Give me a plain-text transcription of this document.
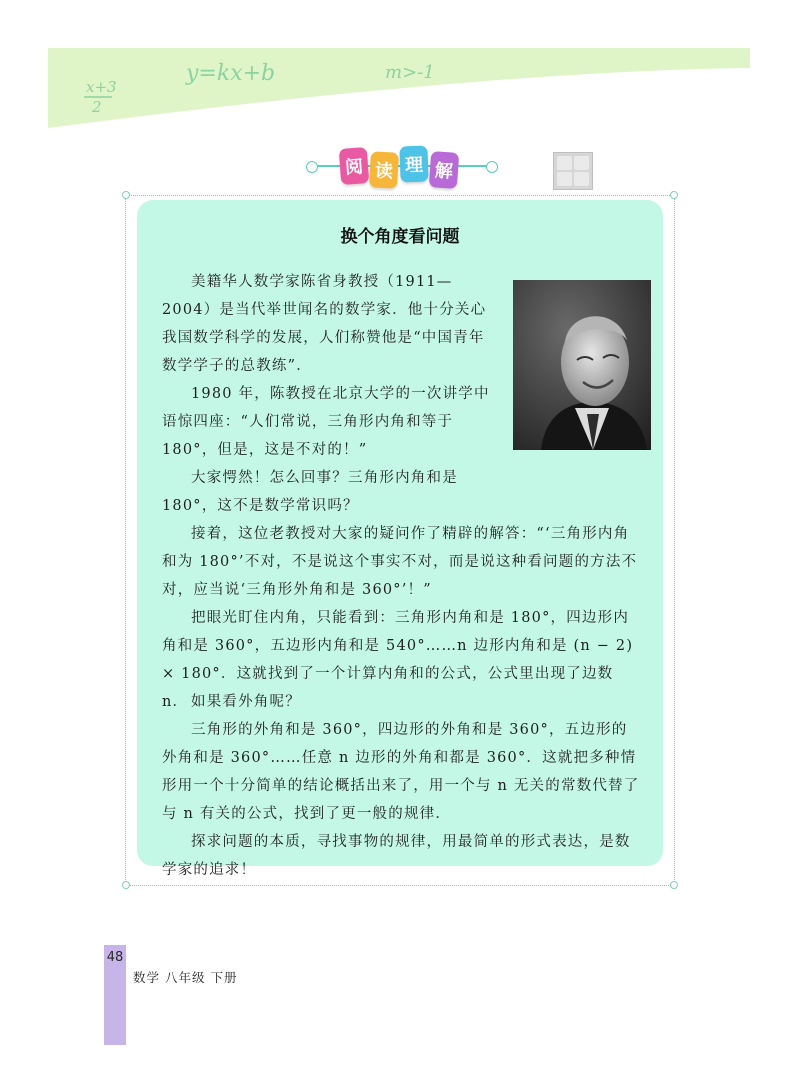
x+3
2
y=kx+b	m>-1
阅 读 理 解
换个角度看问题

美籍华人数学家陈省身教授（1911—2004）是当代举世闻名的数学家．他十分关心我国数学科学的发展，人们称赞他是“中国青年数学学子的总教练”．

1980 年，陈教授在北京大学的一次讲学中语惊四座：“人们常说，三角形内角和等于 180°，但是，这是不对的！”

大家愕然！怎么回事？三角形内角和是 180°，这不是数学常识吗？

接着，这位老教授对大家的疑问作了精辟的解答：“‘三角形内角和为 180°’不对，不是说这个事实不对，而是说这种看问题的方法不对，应当说‘三角形外角和是 360°’！”

把眼光盯住内角，只能看到：三角形内角和是 180°，四边形内角和是 360°，五边形内角和是 540°……n 边形内角和是 (n − 2) × 180°．这就找到了一个计算内角和的公式，公式里出现了边数 n． 如果看外角呢？

三角形的外角和是 360°，四边形的外角和是 360°，五边形的外角和是 360°……任意 n 边形的外角和都是 360°．这就把多种情形用一个十分简单的结论概括出来了，用一个与 n 无关的常数代替了与 n 有关的公式，找到了更一般的规律．

探求问题的本质，寻找事物的规律，用最简单的形式表达，是数学家的追求！

48
数学 八年级 下册
